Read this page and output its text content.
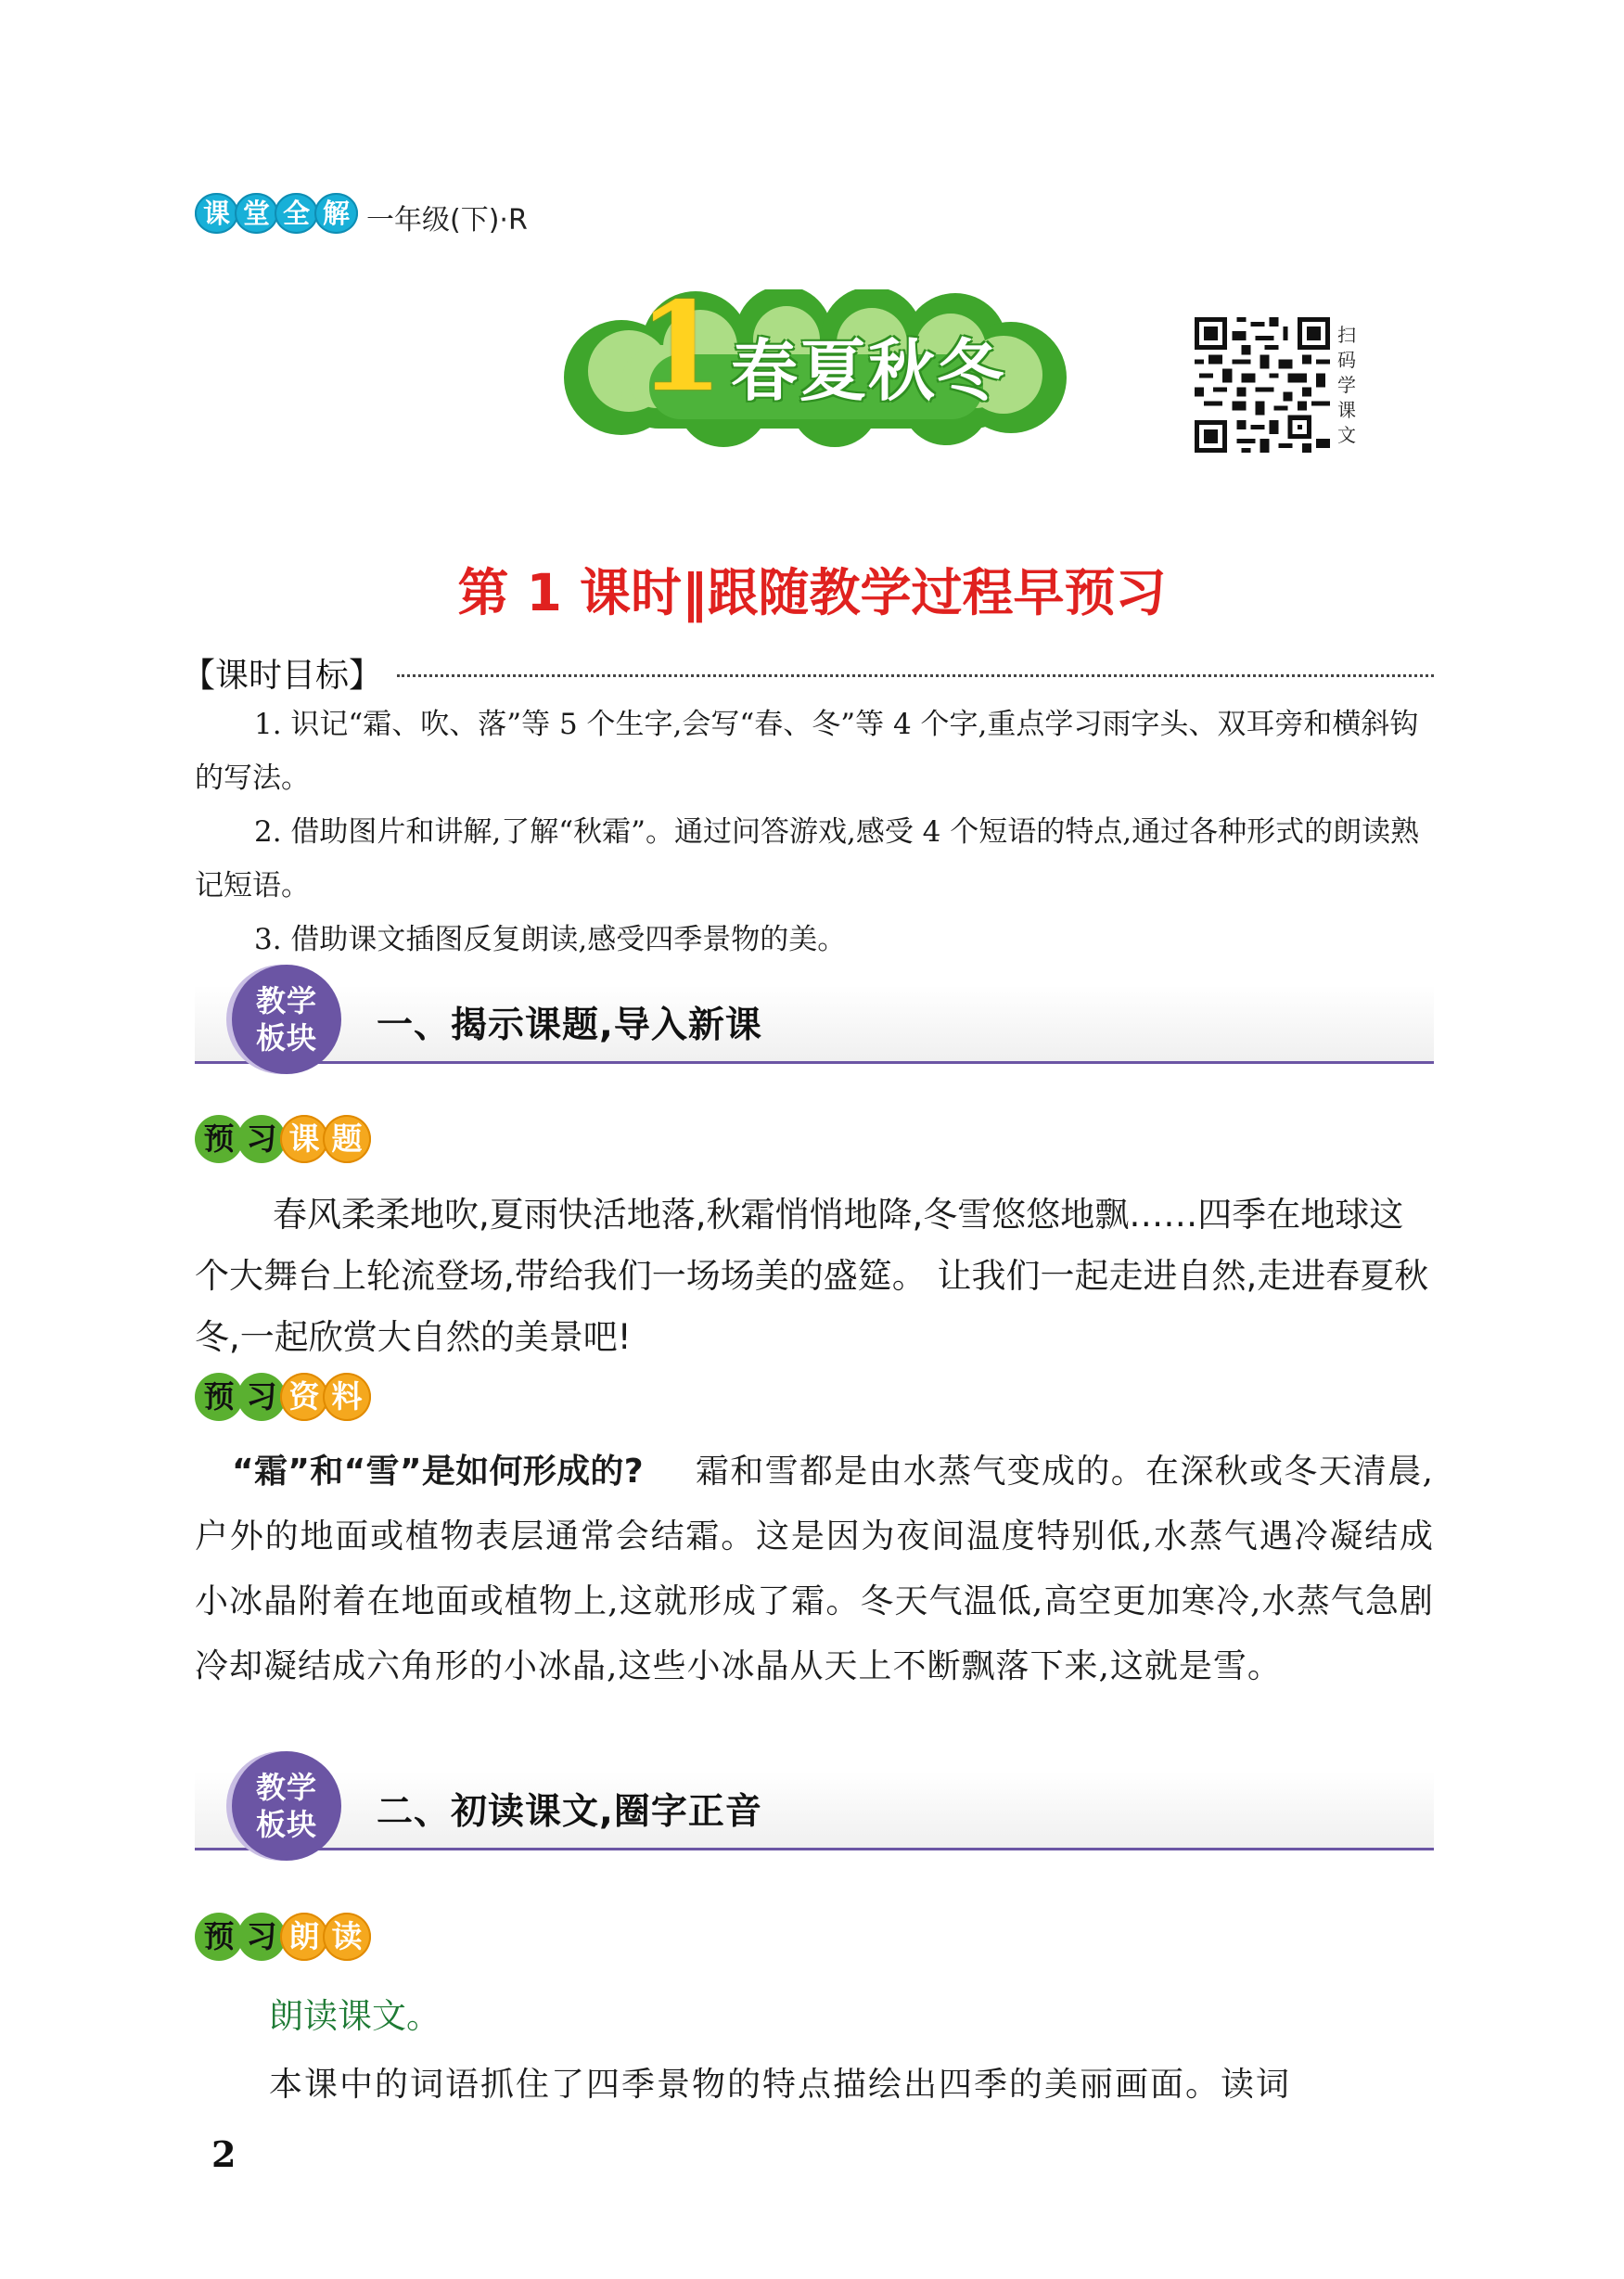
课 堂 全 解 一年级(下)·R
1 春夏秋冬	扫码学课文
第 1 课时‖跟随教学过程早预习
【课时目标】

1. 识记“霜、吹、落”等 5 个生字,会写“春、冬”等 4 个字,重点学习雨字头、双耳旁和横斜钩的写法。

2. 借助图片和讲解,了解“秋霜”。通过问答游戏,感受 4 个短语的特点,通过各种形式的朗读熟记短语。

3. 借助课文插图反复朗读,感受四季景物的美。

教学板块 一、揭示课题,导入新课
预 习 课 题

春风柔柔地吹,夏雨快活地落,秋霜悄悄地降,冬雪悠悠地飘……四季在地球这个大舞台上轮流登场,带给我们一场场美的盛筵。 让我们一起走进自然,走进春夏秋冬,一起欣赏大自然的美景吧!

预 习 资 料

“霜”和“雪”是如何形成的? 霜和雪都是由水蒸气变成的。在深秋或冬天清晨,户外的地面或植物表层通常会结霜。这是因为夜间温度特别低,水蒸气遇冷凝结成小冰晶附着在地面或植物上,这就形成了霜。冬天气温低,高空更加寒冷,水蒸气急剧冷却凝结成六角形的小冰晶,这些小冰晶从天上不断飘落下来,这就是雪。

教学板块 二、初读课文,圈字正音
预 习 朗 读
朗读课文。
本课中的词语抓住了四季景物的特点描绘出四季的美丽画面。读词
2
